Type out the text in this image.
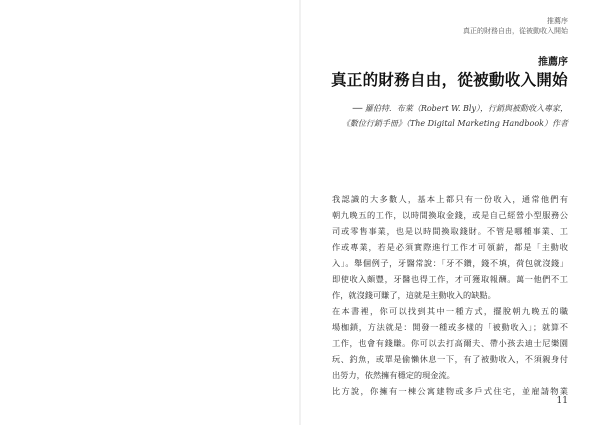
推薦序
真正的財務自由，從被動收入開始
推薦序
真正的財務自由，從被動收入開始
── 羅伯特．布萊（Robert W. Bly），行銷與被動收入專家，
《數位行銷手冊》（The Digital Marketing Handbook）作者

我認識的大多數人，基本上都只有一份收入，通常他們有
朝九晚五的工作，以時間換取金錢，或是自己經營小型服務公
司或零售事業，也是以時間換取錢財。不管是哪種事業、工
作或專業，若是必須實際進行工作才可領薪，都是「主動收
入」。舉個例子，牙醫常說：「牙不鑽，錢不填，荷包就沒錢」
即使收入頗豐，牙醫也得工作，才可獲取報酬。萬一他們不工
作，就沒錢可賺了，這就是主動收入的缺點。

在本書裡，你可以找到其中一種方式，擺脫朝九晚五的職
場枷鎖，方法就是：開發一種或多樣的「被動收入」；就算不
工作，也會有錢賺。你可以去打高爾夫、帶小孩去迪士尼樂園
玩、釣魚，或單是偷懶休息一下，有了被動收入，不須親身付
出勞力，依然擁有穩定的現金流。

比方說，你擁有一棟公寓建物或多戶式住宅，並雇請物業

11
